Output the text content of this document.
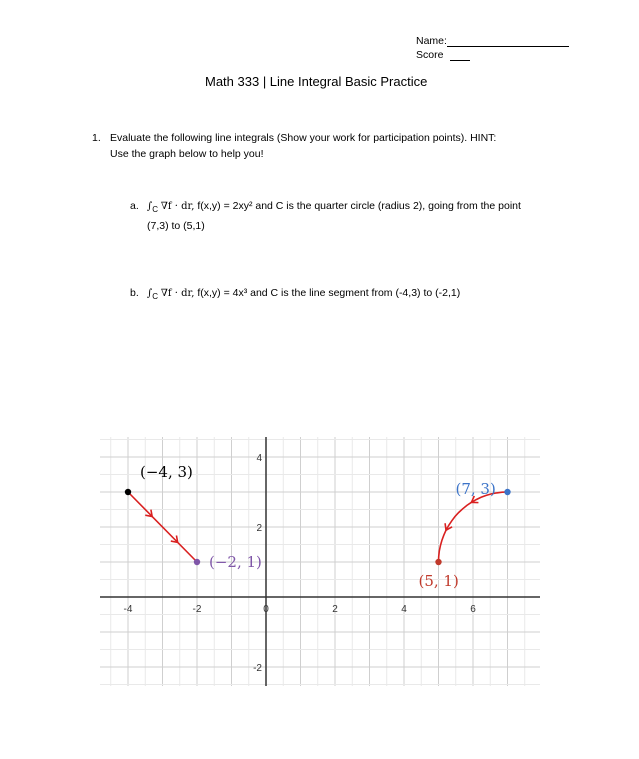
Name:
Score
Math 333 | Line Integral Basic Practice
1. Evaluate the following line integrals (Show your work for participation points). HINT:
Use the graph below to help you!
a. $\int_C$ ∇f · dr, f(x,y) = 2xy² and C is the quarter circle (radius 2), going from the point
(7,3) to (5,1)
b. $\int_C$ ∇f · dr, f(x,y) = 4x³ and C is the line segment from (-4,3) to (-2,1)
-4	-2	0	2	4	6
4
2
-2
(−4, 3)
(−2, 1)
(7, 3)
(5, 1)
